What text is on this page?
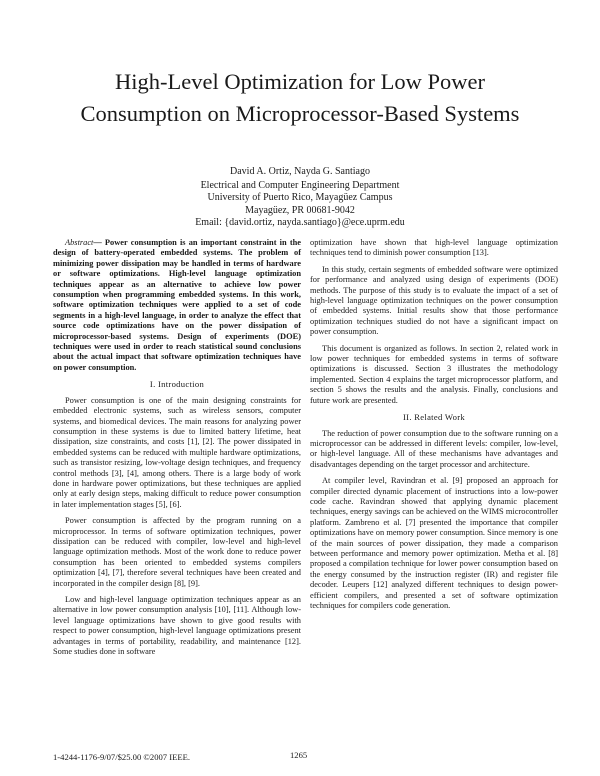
High-Level Optimization for Low Power
Consumption on Microprocessor-Based Systems
David A. Ortiz, Nayda G. Santiago
Electrical and Computer Engineering Department
University of Puerto Rico, Mayagüez Campus
Mayagüez, PR 00681-9042
Email: {david.ortiz, nayda.santiago}@ece.uprm.edu

Abstract— Power consumption is an important constraint in the design of battery-operated embedded systems. The problem of minimizing power dissipation may be handled in terms of hardware or software optimizations. High-level language optimization techniques appear as an alternative to achieve low power consumption when programming embedded systems. In this work, software optimization techniques were applied to a set of code segments in a high-level language, in order to analyze the effect that source code optimizations have on the power dissipation of microprocessor-based systems. Design of experiments (DOE) techniques were used in order to reach statistical sound conclusions about the actual impact that software optimization techniques have on power consumption.

I. Introduction

Power consumption is one of the main designing constraints for embedded electronic systems, such as wireless sensors, computer systems, and biomedical devices. The main reasons for analyzing power consumption in these systems is due to limited battery lifetime, heat dissipation, size constraints, and costs [1], [2]. The power dissipated in embedded systems can be reduced with multiple hardware optimizations, such as transistor resizing, low-voltage design techniques, and frequency control methods [3], [4], among others. There is a large body of work done in hardware power optimizations, but these techniques are applied only at early design steps, making difficult to reduce power consumption in later implementation stages [5], [6].

Power consumption is affected by the program running on a microprocessor. In terms of software optimization techniques, power dissipation can be reduced with compiler, low-level and high-level language optimization methods. Most of the work done to reduce power consumption has been oriented to embedded systems compilers optimization [4], [7], therefore several techniques have been created and incorporated in the compiler design [8], [9].

Low and high-level language optimization techniques appear as an alternative in low power consumption analysis [10], [11]. Although low-level language optimizations have shown to give good results with respect to power consumption, high-level language optimizations present advantages in terms of portability, readability, and maintenance [12]. Some studies done in software

optimization have shown that high-level language optimization techniques tend to diminish power consumption [13].

In this study, certain segments of embedded software were optimized for performance and analyzed using design of experiments (DOE) methods. The purpose of this study is to evaluate the impact of a set of high-level language optimization techniques on the power consumption of embedded systems. Initial results show that those performance optimization techniques studied do not have a significant impact on power consumption.

This document is organized as follows. In section 2, related work in low power techniques for embedded systems in terms of software optimizations is discussed. Section 3 illustrates the methodology implemented. Section 4 explains the target microprocessor platform, and section 5 shows the results and the analysis. Finally, conclusions and future work are presented.

II. Related Work

The reduction of power consumption due to the software running on a microprocessor can be addressed in different levels: compiler, low-level, or high-level language. All of these mechanisms have advantages and disadvantages depending on the target processor and architecture.

At compiler level, Ravindran et al. [9] proposed an approach for compiler directed dynamic placement of instructions into a low-power code cache. Ravindran showed that applying dynamic placement techniques, energy savings can be achieved on the WIMS microcontroller platform. Zambreno et al. [7] presented the importance that compiler optimizations have on memory power consumption. Since memory is one of the main sources of power dissipation, they made a comparison between performance and memory power optimization. Metha et al. [8] proposed a compilation technique for lower power consumption based on the energy consumed by the instruction register (IR) and register file decoder. Leupers [12] analyzed different techniques to design power-efficient compilers, and presented a set of software optimization techniques for compilers code generation.

1-4244-1176-9/07/$25.00 ©2007 IEEE.	1265
